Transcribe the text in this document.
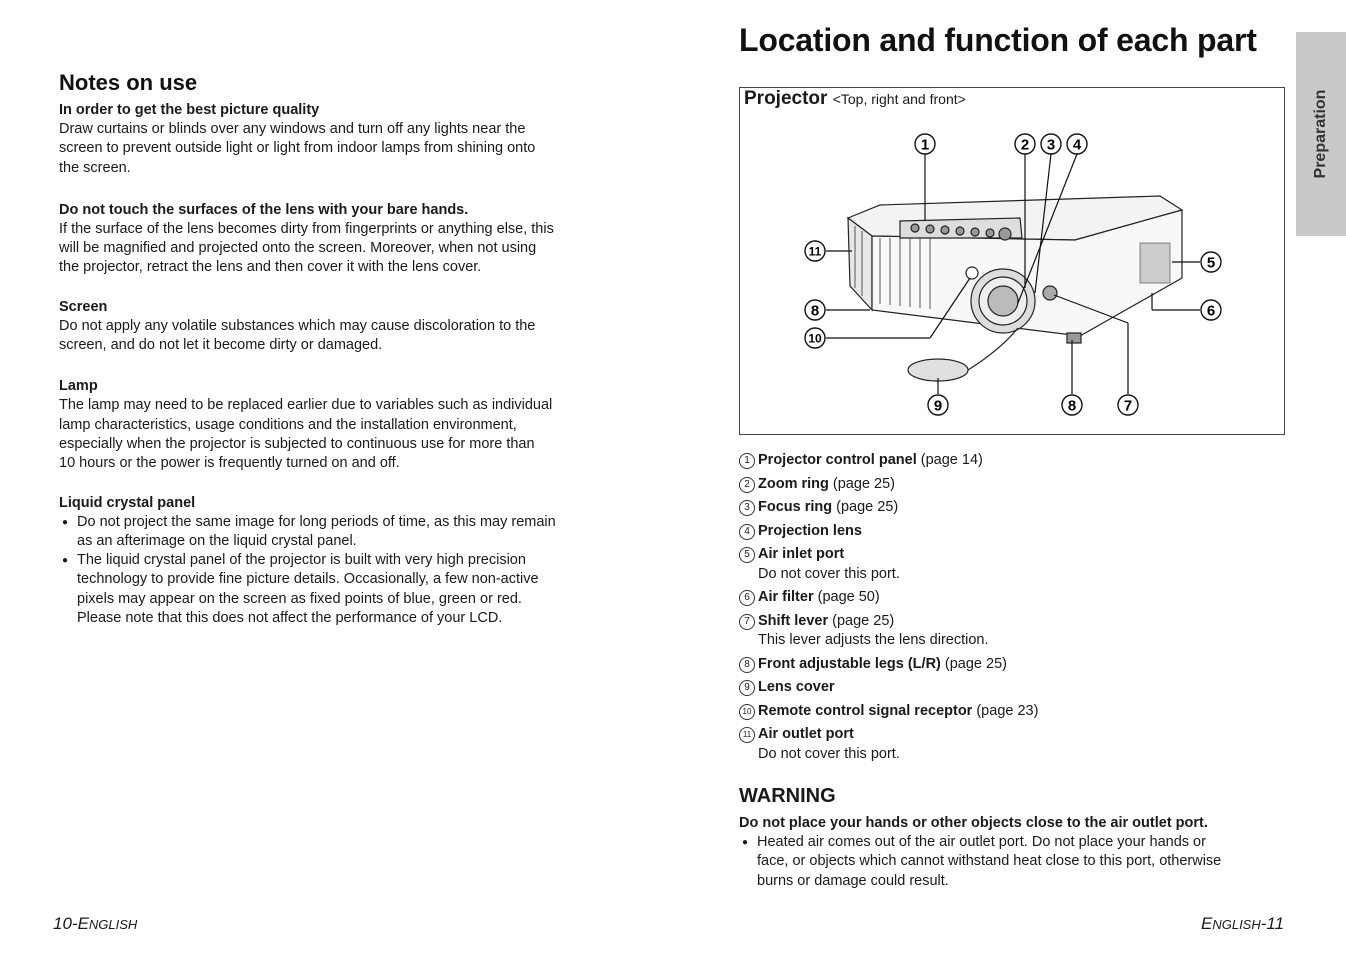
Notes on use
In order to get the best picture quality
Draw curtains or blinds over any windows and turn off any lights near the
screen to prevent outside light or light from indoor lamps from shining onto
the screen.
Do not touch the surfaces of the lens with your bare hands.
If the surface of the lens becomes dirty from fingerprints or anything else, this
will be magnified and projected onto the screen. Moreover, when not using
the projector, retract the lens and then cover it with the lens cover.
Screen
Do not apply any volatile substances which may cause discoloration to the
screen, and do not let it become dirty or damaged.
Lamp
The lamp may need to be replaced earlier due to variables such as individual
lamp characteristics, usage conditions and the installation environment,
especially when the projector is subjected to continuous use for more than
10 hours or the power is frequently turned on and off.
Liquid crystal panel
● Do not project the same image for long periods of time, as this may remain
as an afterimage on the liquid crystal panel.
● The liquid crystal panel of the projector is built with very high precision
technology to provide fine picture details. Occasionally, a few non-active
pixels may appear on the screen as fixed points of blue, green or red.
Please note that this does not affect the performance of your LCD.
Location and function of each part
Preparation
Projector <Top, right and front>
1	2 3 4
5
6
7
8
8
9
10
11
1 Projector control panel (page 14)
2 Zoom ring (page 25)
3 Focus ring (page 25)
4 Projection lens
5 Air inlet port
Do not cover this port.
6 Air filter (page 50)
7 Shift lever (page 25)
This lever adjusts the lens direction.
8 Front adjustable legs (L/R) (page 25)
9 Lens cover
10 Remote control signal receptor (page 23)
11 Air outlet port
Do not cover this port.
WARNING
Do not place your hands or other objects close to the air outlet port.
● Heated air comes out of the air outlet port. Do not place your hands or
face, or objects which cannot withstand heat close to this port, otherwise
burns or damage could result.
10-ENGLISH	ENGLISH-11
